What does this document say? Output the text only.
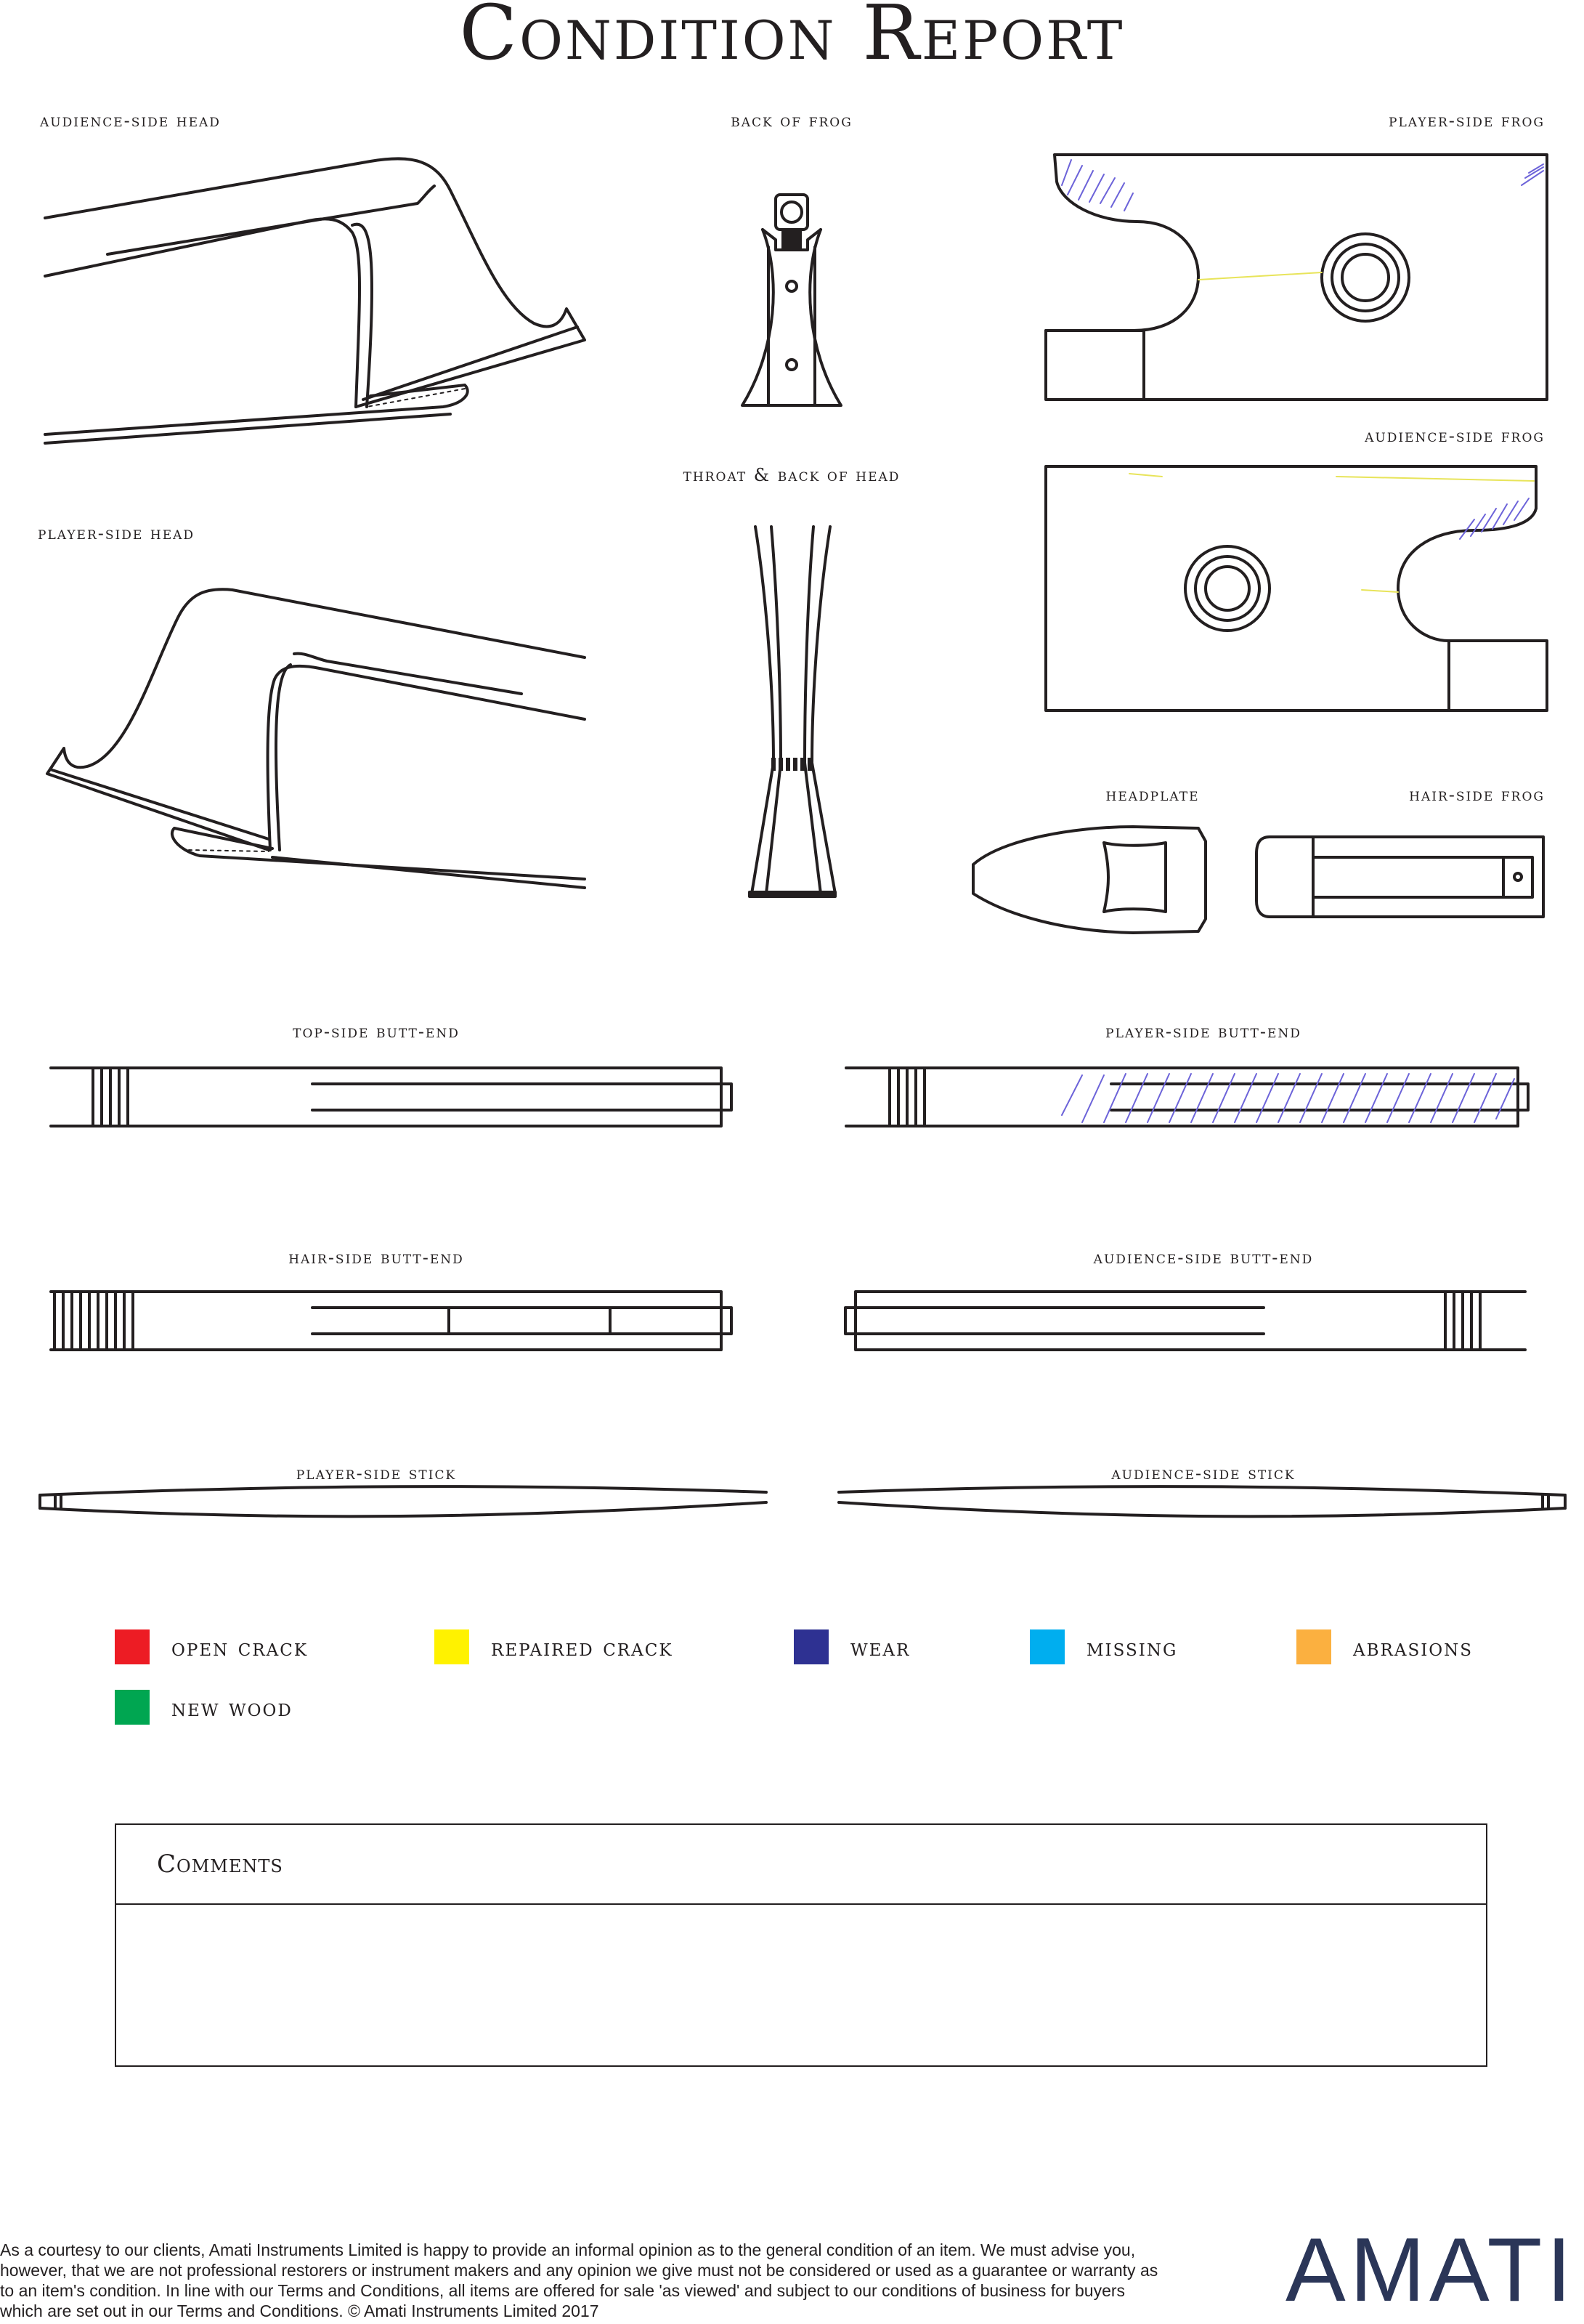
Condition Report
audience-side head	back of frog	player-side frog
throat & back of head
audience-side frog
player-side head
headplate	hair-side frog
top-side butt-end	player-side butt-end
hair-side butt-end	audience-side butt-end
player-side stick	audience-side stick
open crack	repaired crack	wear	missing	abrasions
new wood
Comments
As a courtesy to our clients, Amati Instruments Limited is happy to provide an informal opinion as to the general condition of an item. We must advise you, however, that we are not professional restorers or instrument makers and any opinion we give must not be considered or used as a guarantee or warranty as to an item's condition. In line with our Terms and Conditions, all items are offered for sale 'as viewed' and subject to our conditions of business for buyers which are set out in our Terms and Conditions. © Amati Instruments Limited 2017	AMATI
